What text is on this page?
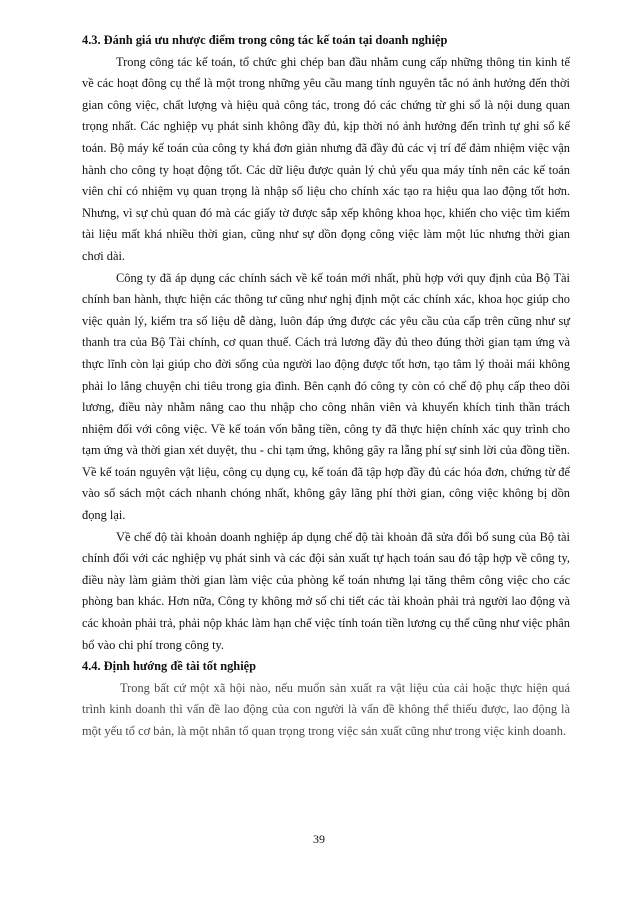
4.3. Đánh giá ưu nhược điểm trong công tác kế toán tại doanh nghiệp

Trong công tác kế toán, tổ chức ghi chép ban đầu nhằm cung cấp những thông tin kinh tế về các hoạt đông cụ thể là một trong những yêu cầu mang tính nguyên tắc nó ảnh hưởng đến thời gian công việc, chất lượng và hiệu quả công tác, trong đó các chứng từ ghi sổ là nội dung quan trọng nhất. Các nghiệp vụ phát sinh không đầy đủ, kịp thời nó ảnh hưởng đến trình tự ghi sổ kế toán. Bộ máy kế toán của công ty khá đơn giản nhưng đã đầy đủ các vị trí để đảm nhiệm việc vận hành cho công ty hoạt động tốt. Các dữ liệu được quản lý chủ yếu qua máy tính nên các kế toán viên chỉ có nhiệm vụ quan trọng là nhập số liệu cho chính xác tạo ra hiệu qua lao động tốt hơn. Nhưng, vì sự chủ quan đó mà các giấy tờ được sắp xếp không khoa học, khiến cho việc tìm kiếm tài liệu mất khá nhiều thời gian, cũng như sự dồn đọng công việc làm một lúc nhưng thời gian chơi dài.

Công ty đã áp dụng các chính sách về kế toán mới nhất, phù hợp với quy định của Bộ Tài chính ban hành, thực hiện các thông tư cũng như nghị định một các chính xác, khoa học giúp cho việc quản lý, kiểm tra số liệu dễ dàng, luôn đáp ứng được các yêu cầu của cấp trên cũng như sự thanh tra của Bộ Tài chính, cơ quan thuế. Cách trả lương đầy đủ theo đúng thời gian tạm ứng và thực lĩnh còn lại giúp cho đời sống của người lao động được tốt hơn, tạo tâm lý thoải mái không phải lo lắng chuyện chi tiêu trong gia đình. Bên cạnh đó công ty còn có chế độ phụ cấp theo dõi lương, điều này nhằm nâng cao thu nhập cho công nhân viên và khuyến khích tinh thần trách nhiệm đối với công việc. Về kế toán vốn bằng tiền, công ty đã thực hiện chính xác quy trình cho tạm ứng và thời gian xét duyệt, thu - chi tạm ứng, không gây ra lẵng phí sự sinh lời của đồng tiền. Về kế toán nguyên vật liệu, công cụ dụng cụ, kế toán đã tập hợp đầy đủ các hóa đơn, chứng từ để vào số sách một cách nhanh chóng nhất, không gây lãng phí thời gian, công việc không bị dồn đọng lại.

Về chế độ tài khoản doanh nghiệp áp dụng chế độ tài khoản đã sửa đổi bổ sung của Bộ tài chính đối với các nghiệp vụ phát sinh và các đội sản xuất tự hạch toán sau đó tập hợp về công ty, điều này làm giảm thời gian làm việc của phòng kế toán nhưng lại tăng thêm công việc cho các phòng ban khác. Hơn nữa, Công ty không mở số chi tiết các tài khoản phải trả người lao động và các khoản phải trả, phải nộp khác làm hạn chế việc tính toán tiền lương cụ thể cũng như việc phân bổ vào chi phí trong công ty.

4.4. Định hướng đề tài tốt nghiệp

Trong bất cứ một xã hội nào, nếu muốn sản xuất ra vật liệu của cải hoặc thực hiện quá trình kinh doanh thì vấn đề lao động của con người là vấn đề không thể thiếu được, lao động là một yếu tố cơ bản, là một nhân tố quan trọng trong việc sản xuất cũng như trong việc kinh doanh.

39
